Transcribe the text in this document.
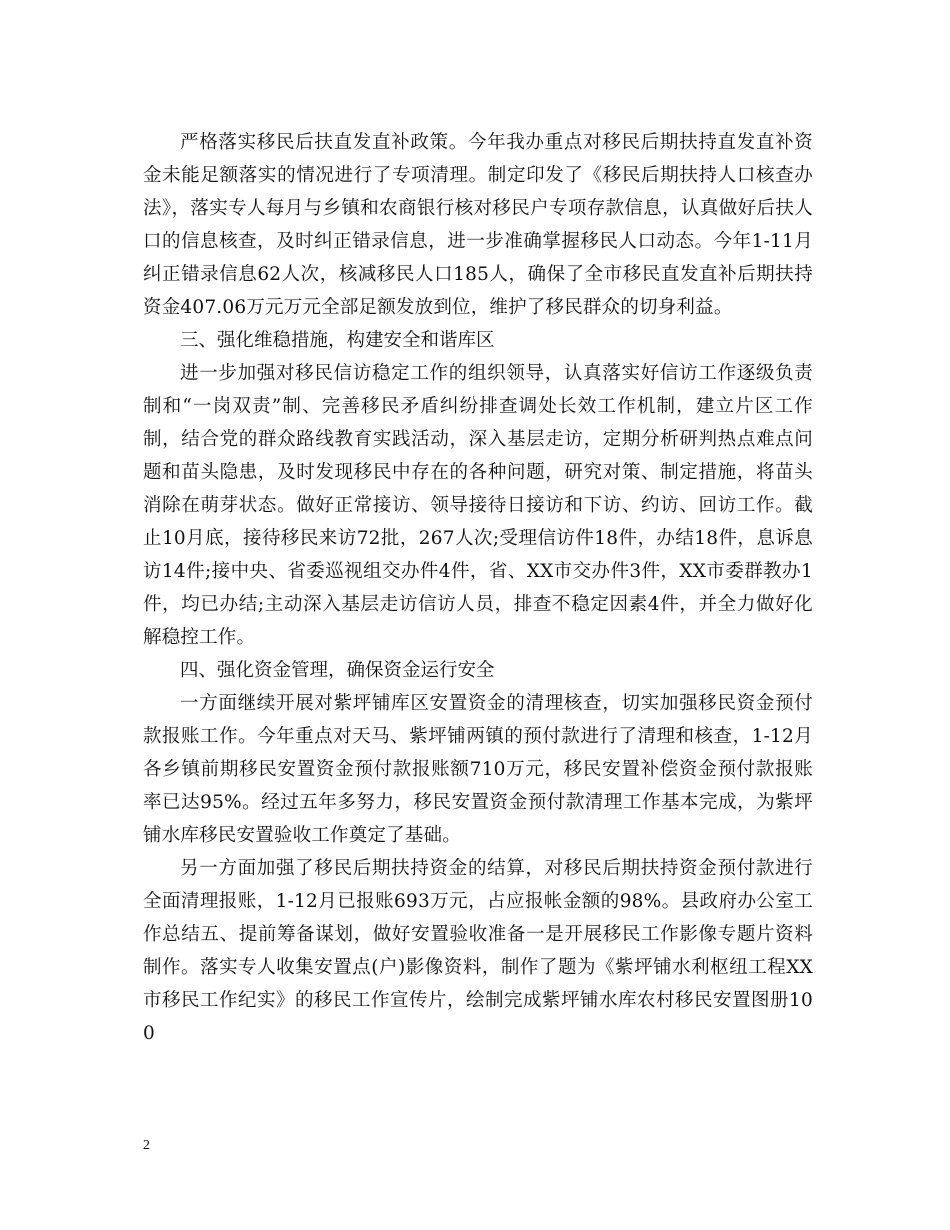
严格落实移民后扶直发直补政策。今年我办重点对移民后期扶持直发直补资金未能足额落实的情况进行了专项清理。制定印发了《移民后期扶持人口核查办法》，落实专人每月与乡镇和农商银行核对移民户专项存款信息，认真做好后扶人口的信息核查，及时纠正错录信息，进一步准确掌握移民人口动态。今年1-11月纠正错录信息62人次，核减移民人口185人，确保了全市移民直发直补后期扶持资金407.06万元万元全部足额发放到位，维护了移民群众的切身利益。

三、强化维稳措施，构建安全和谐库区

进一步加强对移民信访稳定工作的组织领导，认真落实好信访工作逐级负责制和“一岗双责”制、完善移民矛盾纠纷排查调处长效工作机制，建立片区工作制，结合党的群众路线教育实践活动，深入基层走访，定期分析研判热点难点问题和苗头隐患，及时发现移民中存在的各种问题，研究对策、制定措施，将苗头消除在萌芽状态。做好正常接访、领导接待日接访和下访、约访、回访工作。截止10月底，接待移民来访72批，267人次;受理信访件18件，办结18件，息诉息访14件;接中央、省委巡视组交办件4件，省、XX市交办件3件，XX市委群教办1件，均已办结;主动深入基层走访信访人员，排查不稳定因素4件，并全力做好化解稳控工作。

四、强化资金管理，确保资金运行安全

一方面继续开展对紫坪铺库区安置资金的清理核查，切实加强移民资金预付款报账工作。今年重点对天马、紫坪铺两镇的预付款进行了清理和核查，1-12月各乡镇前期移民安置资金预付款报账额710万元，移民安置补偿资金预付款报账率已达95%。经过五年多努力，移民安置资金预付款清理工作基本完成，为紫坪铺水库移民安置验收工作奠定了基础。

另一方面加强了移民后期扶持资金的结算，对移民后期扶持资金预付款进行全面清理报账，1-12月已报账693万元，占应报帐金额的98%。县政府办公室工作总结五、提前筹备谋划，做好安置验收准备一是开展移民工作影像专题片资料制作。落实专人收集安置点(户)影像资料，制作了题为《紫坪铺水利枢纽工程XX市移民工作纪实》的移民工作宣传片，绘制完成紫坪铺水库农村移民安置图册100

2
